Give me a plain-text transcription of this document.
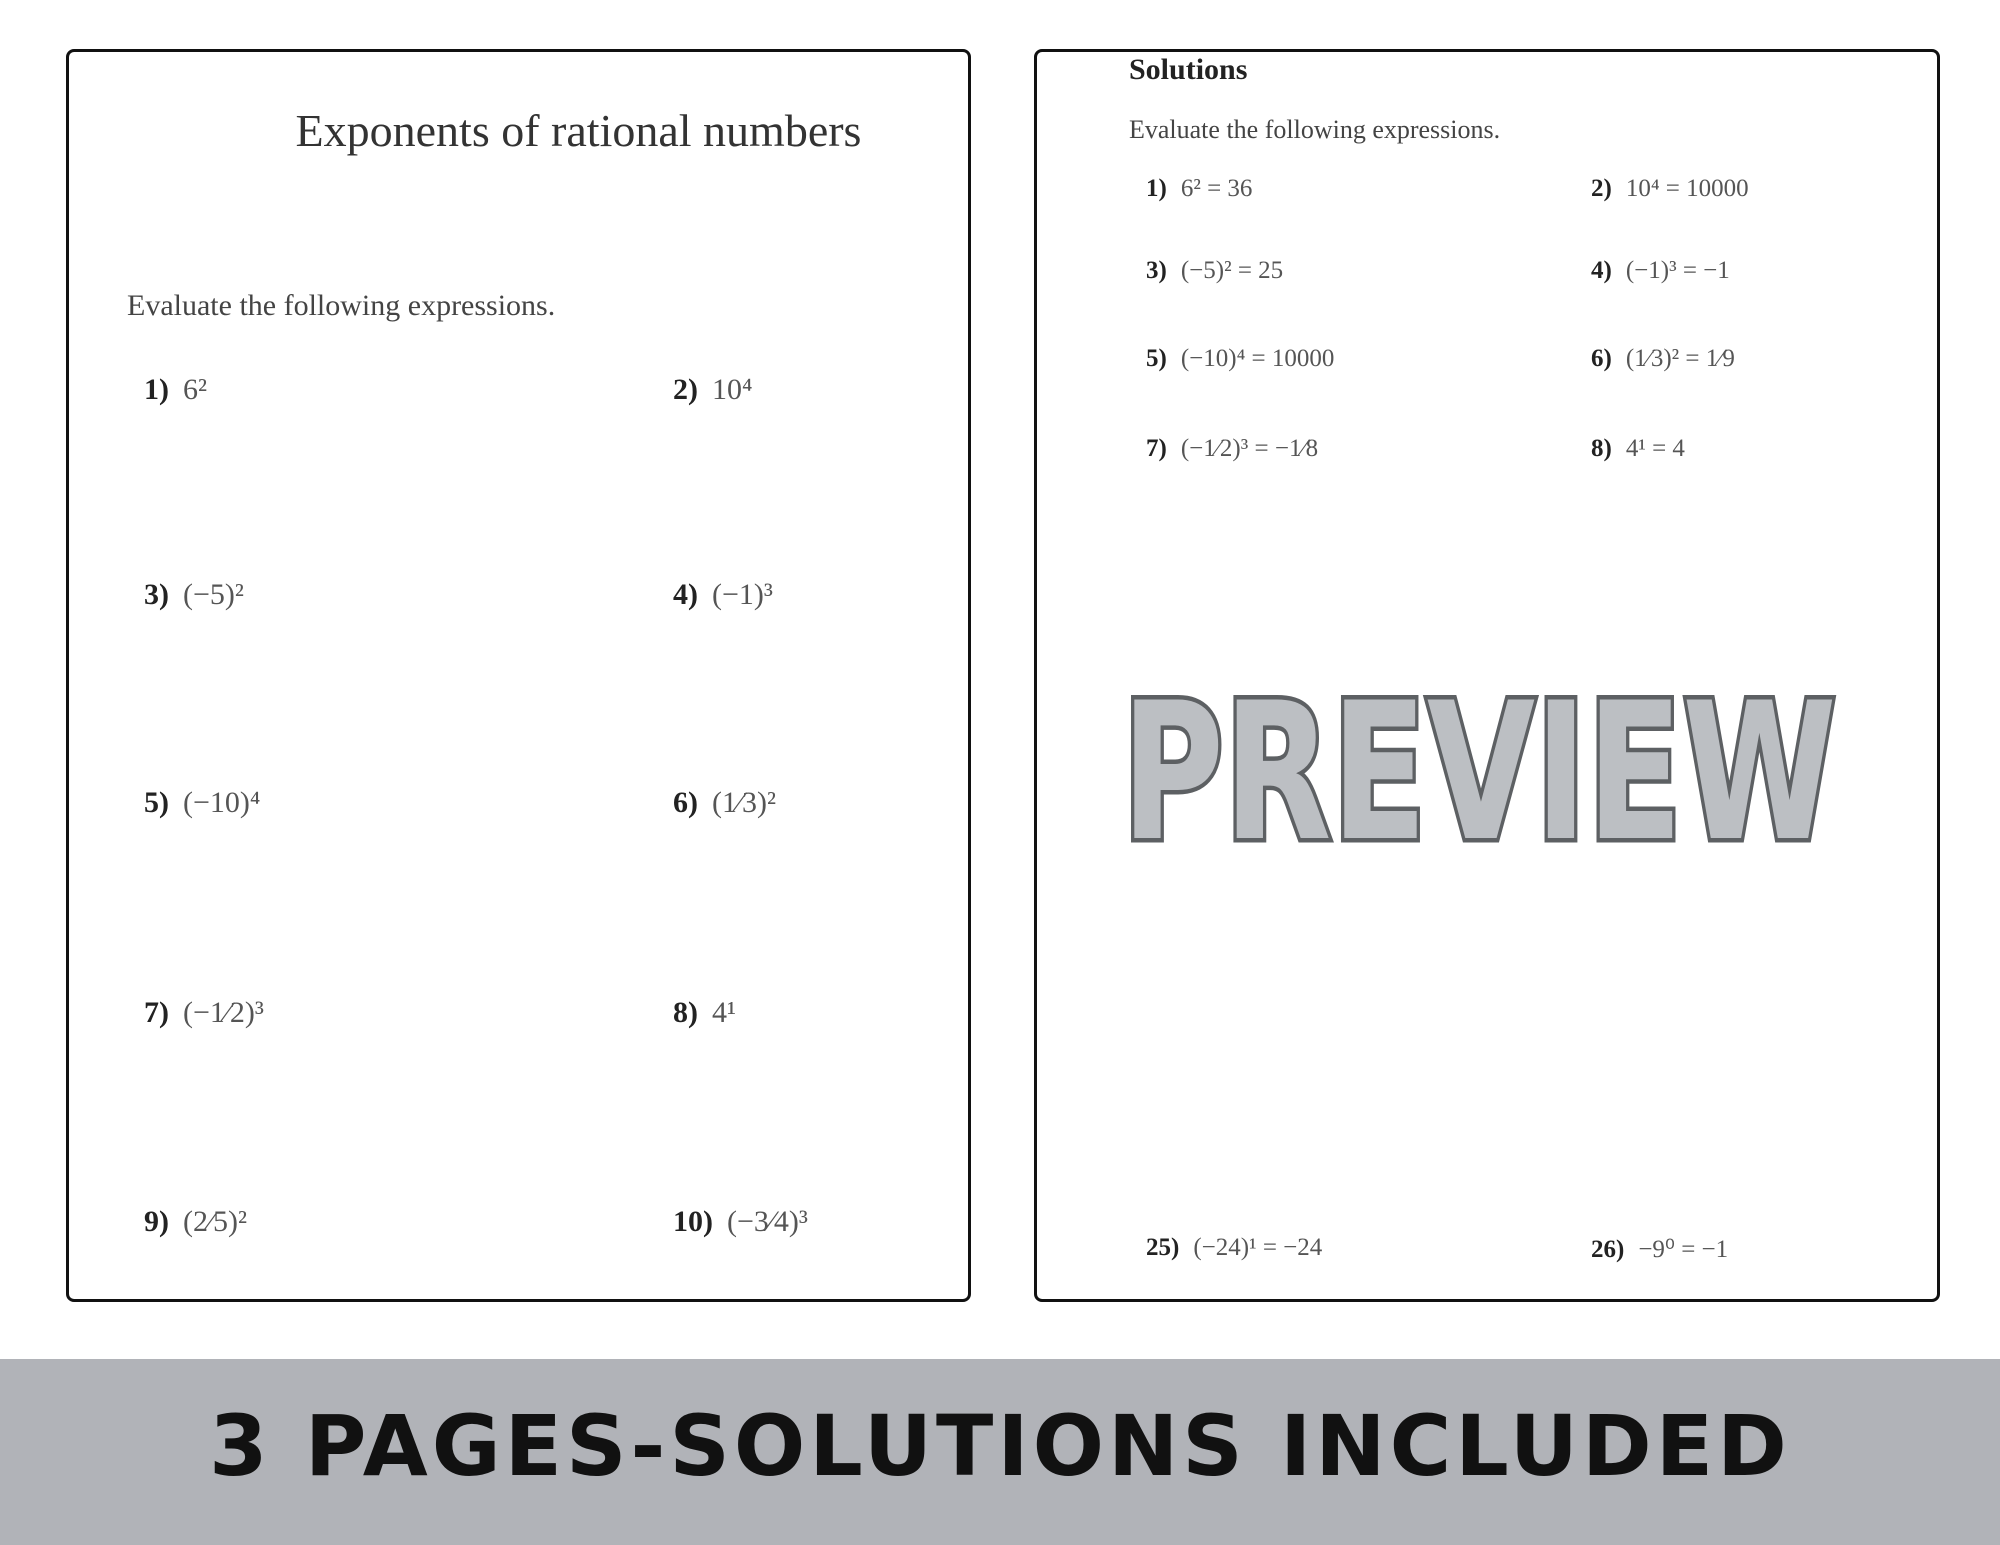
Exponents of rational numbers
Evaluate the following expressions.
1) 6²	2) 10⁴
3) (−5)²	4) (−1)³
5) (−10)⁴	6) (1⁄3)²
7) (−1⁄2)³	8) 4¹
9) (2⁄5)²	10) (−3⁄4)³
Solutions
Evaluate the following expressions.
1) 6² = 36	2) 10⁴ = 10000
3) (−5)² = 25	4) (−1)³ = −1
5) (−10)⁴ = 10000	6) (1⁄3)² = 1⁄9
7) (−1⁄2)³ = −1⁄8	8) 4¹ = 4
25) (−24)¹ = −24	26) −9⁰ = −1
PREVIEW
3 PAGES-SOLUTIONS INCLUDED
